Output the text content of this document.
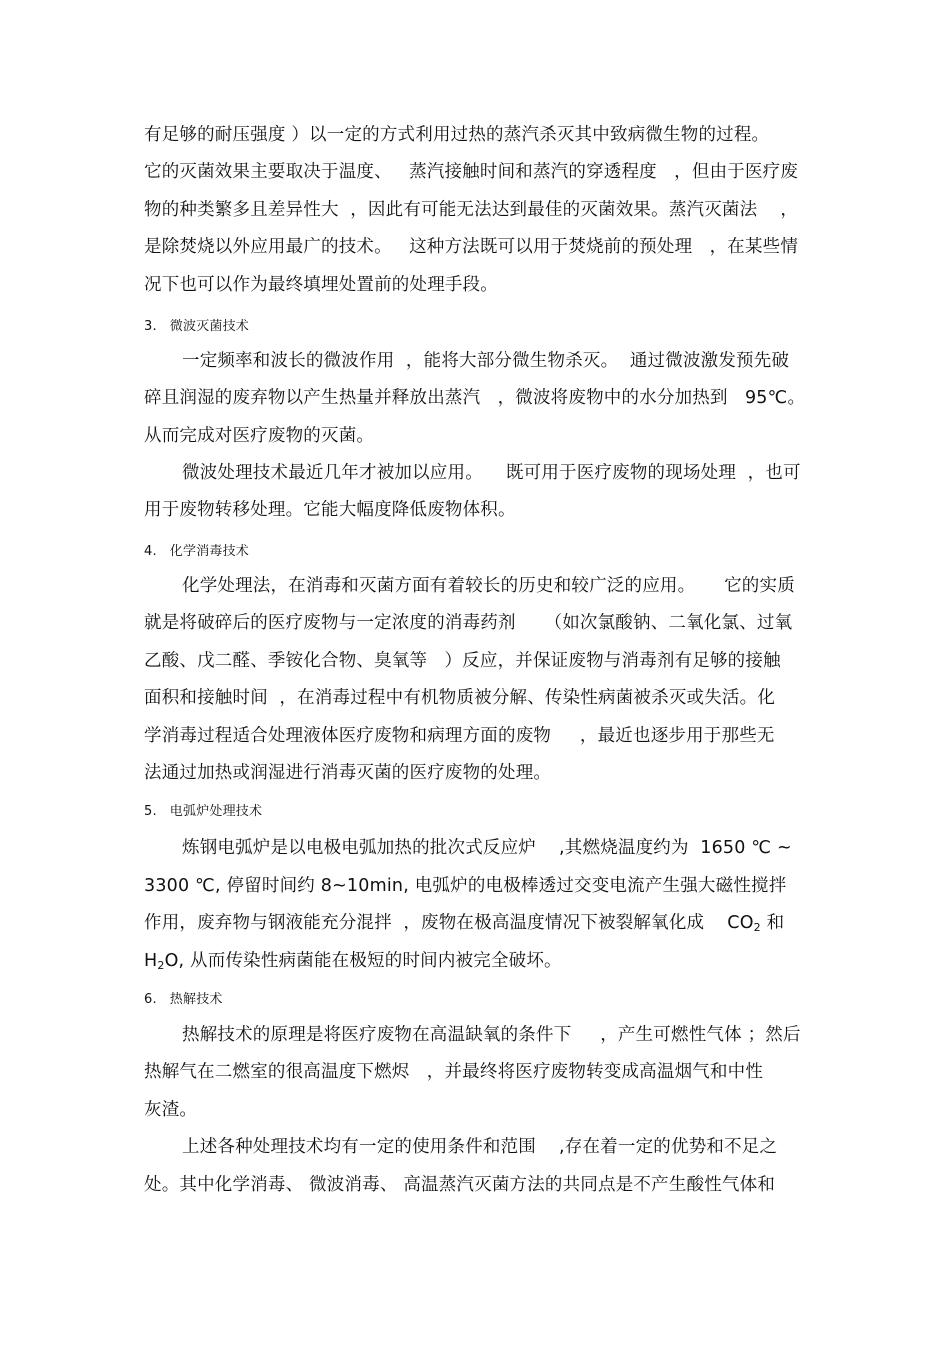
有足够的耐压强度 ）以一定的方式利用过热的蒸汽杀灭其中致病微生物的过程。
它的灭菌效果主要取决于温度、   蒸汽接触时间和蒸汽的穿透程度   ，但由于医疗废
物的种类繁多且差异性大  ，因此有可能无法达到最佳的灭菌效果。蒸汽灭菌法    ，
是除焚烧以外应用最广的技术。   这种方法既可以用于焚烧前的预处理   ，在某些情
况下也可以作为最终填埋处置前的处理手段。
3.   微波灭菌技术
一定频率和波长的微波作用  ，能将大部分微生物杀灭。  通过微波激发预先破
碎且润湿的废弃物以产生热量并释放出蒸汽   ，微波将废物中的水分加热到   95℃。
从而完成对医疗废物的灭菌。
微波处理技术最近几年才被加以应用。    既可用于医疗废物的现场处理  ，也可
用于废物转移处理。它能大幅度降低废物体积。
4.   化学消毒技术
化学处理法，在消毒和灭菌方面有着较长的历史和较广泛的应用。     它的实质
就是将破碎后的医疗废物与一定浓度的消毒药剂     （如次氯酸钠、二氧化氯、过氧
乙酸、戊二醛、季铵化合物、臭氧等   ）反应，并保证废物与消毒剂有足够的接触
面积和接触时间  ，在消毒过程中有机物质被分解、传染性病菌被杀灭或失活。化
学消毒过程适合处理液体医疗废物和病理方面的废物     ，最近也逐步用于那些无
法通过加热或润湿进行消毒灭菌的医疗废物的处理。
5.   电弧炉处理技术
炼钢电弧炉是以电极电弧加热的批次式反应炉    ,其燃烧温度约为  1650 ℃ ~
3300 ℃, 停留时间约 8~10min, 电弧炉的电极棒透过交变电流产生强大磁性搅拌
作用，废弃物与钢液能充分混拌  ，废物在极高温度情况下被裂解氧化成    $CO_2$ 和
$H_2O$, 从而传染性病菌能在极短的时间内被完全破坏。
6.   热解技术
热解技术的原理是将医疗废物在高温缺氧的条件下     ，产生可燃性气体 ；然后
热解气在二燃室的很高温度下燃烬   ，并最终将医疗废物转变成高温烟气和中性
灰渣。
上述各种处理技术均有一定的使用条件和范围    ,存在着一定的优势和不足之
处。其中化学消毒、 微波消毒、 高温蒸汽灭菌方法的共同点是不产生酸性气体和
